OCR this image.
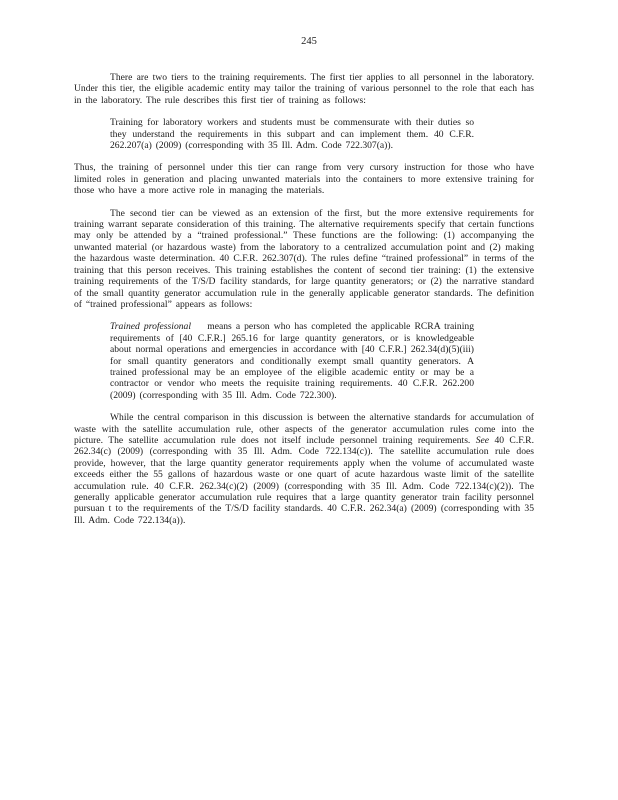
245

There are two tiers to the training requirements. The first tier applies to all personnel in the laboratory. Under this tier, the eligible academic entity may tailor the training of various personnel to the role that each has in the laboratory. The rule describes this first tier of training as follows:

Training for laboratory workers and students must be commensurate with their duties so they understand the requirements in this subpart and can implement them. 40 C.F.R. 262.207(a) (2009) (corresponding with 35 Ill. Adm. Code 722.307(a)).

Thus, the training of personnel under this tier can range from very cursory instruction for those who have limited roles in generation and placing unwanted materials into the containers to more extensive training for those who have a more active role in managing the materials.

The second tier can be viewed as an extension of the first, but the more extensive requirements for training warrant separate consideration of this training. The alternative requirements specify that certain functions may only be attended by a “trained professional.” These functions are the following: (1) accompanying the unwanted material (or hazardous waste) from the laboratory to a centralized accumulation point and (2) making the hazardous waste determination. 40 C.F.R. 262.307(d). The rules define “trained professional” in terms of the training that this person receives. This training establishes the content of second tier training: (1) the extensive training requirements of the T/S/D facility standards, for large quantity generators; or (2) the narrative standard of the small quantity generator accumulation rule in the generally applicable generator standards. The definition of “trained professional” appears as follows:

Trained professional means a person who has completed the applicable RCRA training requirements of [40 C.F.R.] 265.16 for large quantity generators, or is knowledgeable about normal operations and emergencies in accordance with [40 C.F.R.] 262.34(d)(5)(iii) for small quantity generators and conditionally exempt small quantity generators. A trained professional may be an employee of the eligible academic entity or may be a contractor or vendor who meets the requisite training requirements. 40 C.F.R. 262.200 (2009) (corresponding with 35 Ill. Adm. Code 722.300).

While the central comparison in this discussion is between the alternative standards for accumulation of waste with the satellite accumulation rule, other aspects of the generator accumulation rules come into the picture. The satellite accumulation rule does not itself include personnel training requirements. See 40 C.F.R. 262.34(c) (2009) (corresponding with 35 Ill. Adm. Code 722.134(c)). The satellite accumulation rule does provide, however, that the large quantity generator requirements apply when the volume of accumulated waste exceeds either the 55 gallons of hazardous waste or one quart of acute hazardous waste limit of the satellite accumulation rule. 40 C.F.R. 262.34(c)(2) (2009) (corresponding with 35 Ill. Adm. Code 722.134(c)(2)). The generally applicable generator accumulation rule requires that a large quantity generator train facility personnel pursuan t to the requirements of the T/S/D facility standards. 40 C.F.R. 262.34(a) (2009) (corresponding with 35 Ill. Adm. Code 722.134(a)).
